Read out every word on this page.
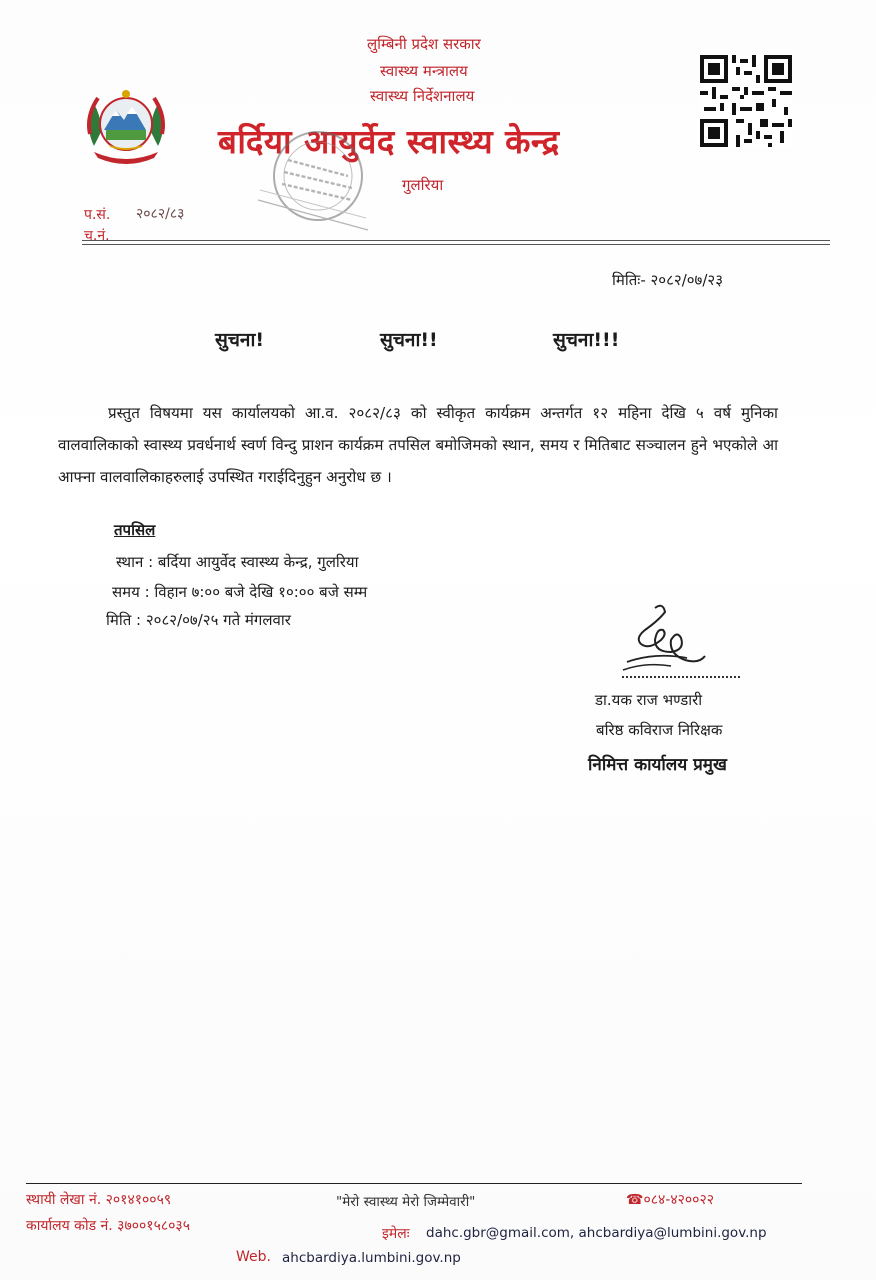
लुम्बिनी प्रदेश सरकार
स्वास्थ्य मन्त्रालय
स्वास्थ्य निर्देशनालय
बर्दिया आयुर्वेद स्वास्थ्य केन्द्र
गुलरिया
प.सं. २०८२/८३
च.नं.
मितिः- २०८२/०७/२३
सुचना!	सुचना!!	सुचना!!!
प्रस्तुत विषयमा यस कार्यालयको आ.व. २०८२/८३ को स्वीकृत कार्यक्रम अन्तर्गत १२ महिना देखि ५ वर्ष मुनिका वालवालिकाको स्वास्थ्य प्रवर्धनार्थ स्वर्ण विन्दु प्राशन कार्यक्रम तपसिल बमोजिमको स्थान, समय र मितिबाट सञ्चालन हुने भएकोले आ आफ्ना वालवालिकाहरुलाई उपस्थित गराईदिनुहुन अनुरोध छ ।
तपसिल
स्थान : बर्दिया आयुर्वेद स्वास्थ्य केन्द्र, गुलरिया
समय : विहान ७:०० बजे देखि १०:०० बजे सम्म
मिति : २०८२/०७/२५ गते मंगलवार
डा.यक राज भण्डारी
बरिष्ठ कविराज निरिक्षक
निमित्त कार्यालय प्रमुख
स्थायी लेखा नं. २०१४१००५९	"मेरो स्वास्थ्य मेरो जिम्मेवारी"	☎०८४-४२००२२
कार्यालय कोड नं. ३७००१५८०३५	इमेलः dahc.gbr@gmail.com, ahcbardiya@lumbini.gov.np
Web. ahcbardiya.lumbini.gov.np
